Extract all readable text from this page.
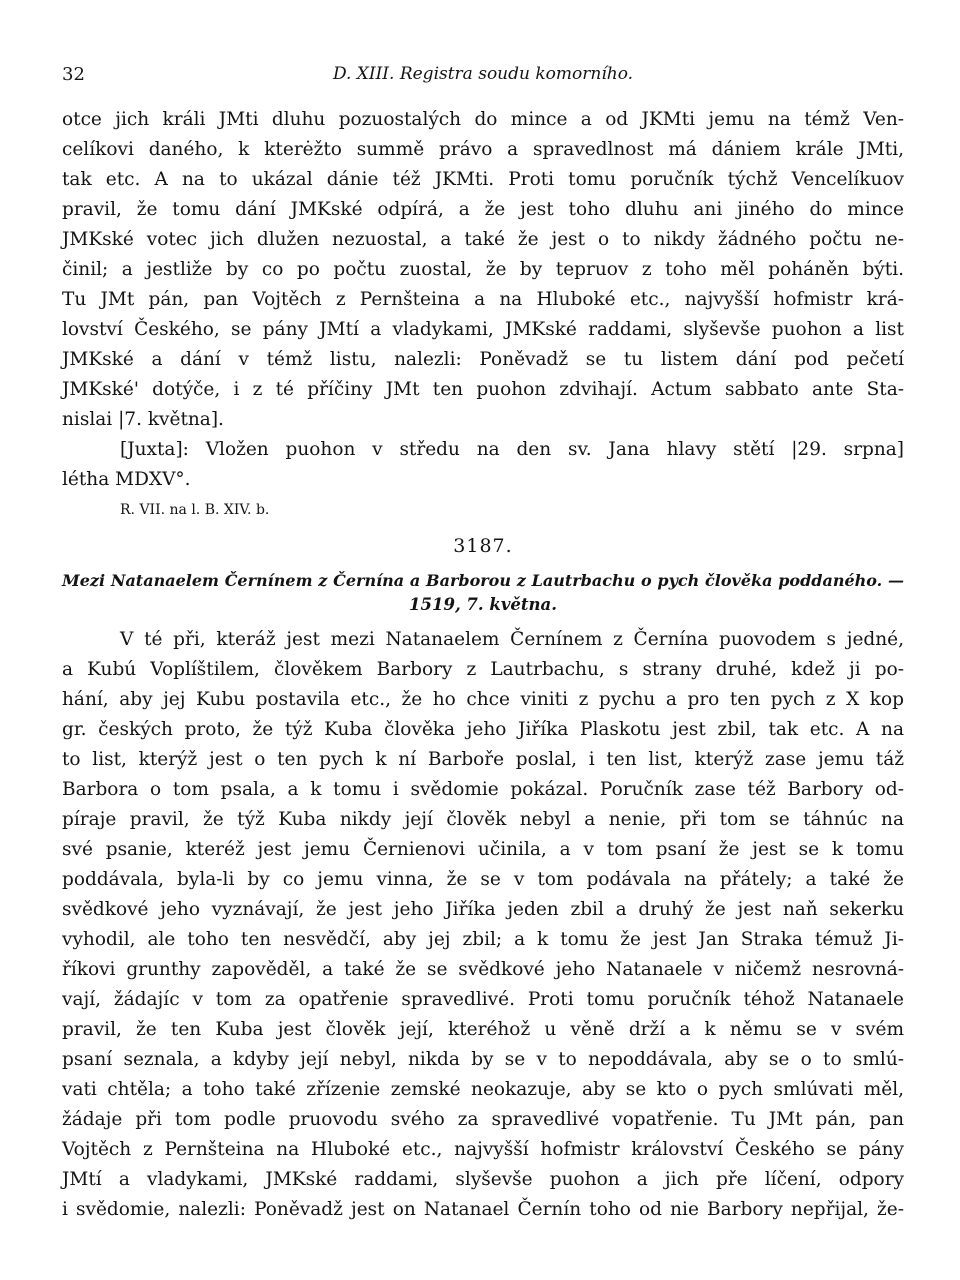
32	D. XIII. Registra soudu komorního.
otce jich králi JMti dluhu pozuostalých do mince a od JKMti jemu na témž Ven-
celíkovi daného, k kterėžto summě právo a spravedlnost má dániem krále JMti,
tak etc. A na to ukázal dánie též JKMti. Proti tomu poručník týchž Vencelíkuov
pravil, že tomu dání JMKské odpírá, a že jest toho dluhu ani jiného do mince
JMKské votec jich dlužen nezuostal, a také že jest o to nikdy žádného počtu ne-
činil; a jestliže by co po počtu zuostal, že by tepruov z toho měl poháněn býti.
Tu JMt pán, pan Vojtěch z Pernšteina a na Hluboké etc., najvyšší hofmistr krá-
lovství Českého, se pány JMtí a vladykami, JMKské raddami, slyševše puohon a list
JMKské a dání v témž listu, nalezli: Poněvadž se tu listem dání pod pečetí
JMKské' dotýče, i z té příčiny JMt ten puohon zdvihají. Actum sabbato ante Sta-
nislai |7. května].
[Juxta]: Vložen puohon v středu na den sv. Jana hlavy stětí |29. srpna]
létha MDXV°.
R. VII. na l. B. XIV. b.
3187.
Mezi Natanaelem Černínem z Černína a Barborou z Lautrbachu o pych člověka poddaného. —
1519, 7. května.
V té při, kteráž jest mezi Natanaelem Černínem z Černína puovodem s jedné,
a Kubú Voplíštilem, člověkem Barbory z Lautrbachu, s strany druhé, kdež ji po-
hání, aby jej Kubu postavila etc., že ho chce viniti z pychu a pro ten pych z X kop
gr. českých proto, že týž Kuba člověka jeho Jiříka Plaskotu jest zbil, tak etc. A na
to list, kterýž jest o ten pych k ní Barboře poslal, i ten list, kterýž zase jemu táž
Barbora o tom psala, a k tomu i svědomie pokázal. Poručník zase též Barbory od-
píraje pravil, že týž Kuba nikdy její člověk nebyl a nenie, při tom se táhnúc na
své psanie, kteréž jest jemu Černienovi učinila, a v tom psaní že jest se k tomu
poddávala, byla-li by co jemu vinna, že se v tom podávala na přátely; a také že
svědkové jeho vyznávají, že jest jeho Jiříka jeden zbil a druhý že jest naň sekerku
vyhodil, ale toho ten nesvědčí, aby jej zbil; a k tomu že jest Jan Straka témuž Ji-
říkovi grunthy zapověděl, a také že se svědkové jeho Natanaele v ničemž nesrovná-
vají, žádajíc v tom za opatřenie spravedlivé. Proti tomu poručník téhož Natanaele
pravil, že ten Kuba jest člověk její, kteréhož u věně drží a k němu se v svém
psaní seznala, a kdyby její nebyl, nikda by se v to nepoddávala, aby se o to smlú-
vati chtěla; a toho také zřízenie zemské neokazuje, aby se kto o pych smlúvati měl,
žádaje při tom podle pruovodu svého za spravedlivé vopatřenie. Tu JMt pán, pan
Vojtěch z Pernšteina na Hluboké etc., najvyšší hofmistr království Českého se pány
JMtí a vladykami, JMKské raddami, slyševše puohon a jich pře líčení, odpory
i svědomie, nalezli: Poněvadž jest on Natanael Černín toho od nie Barbory nepřijal, že-
